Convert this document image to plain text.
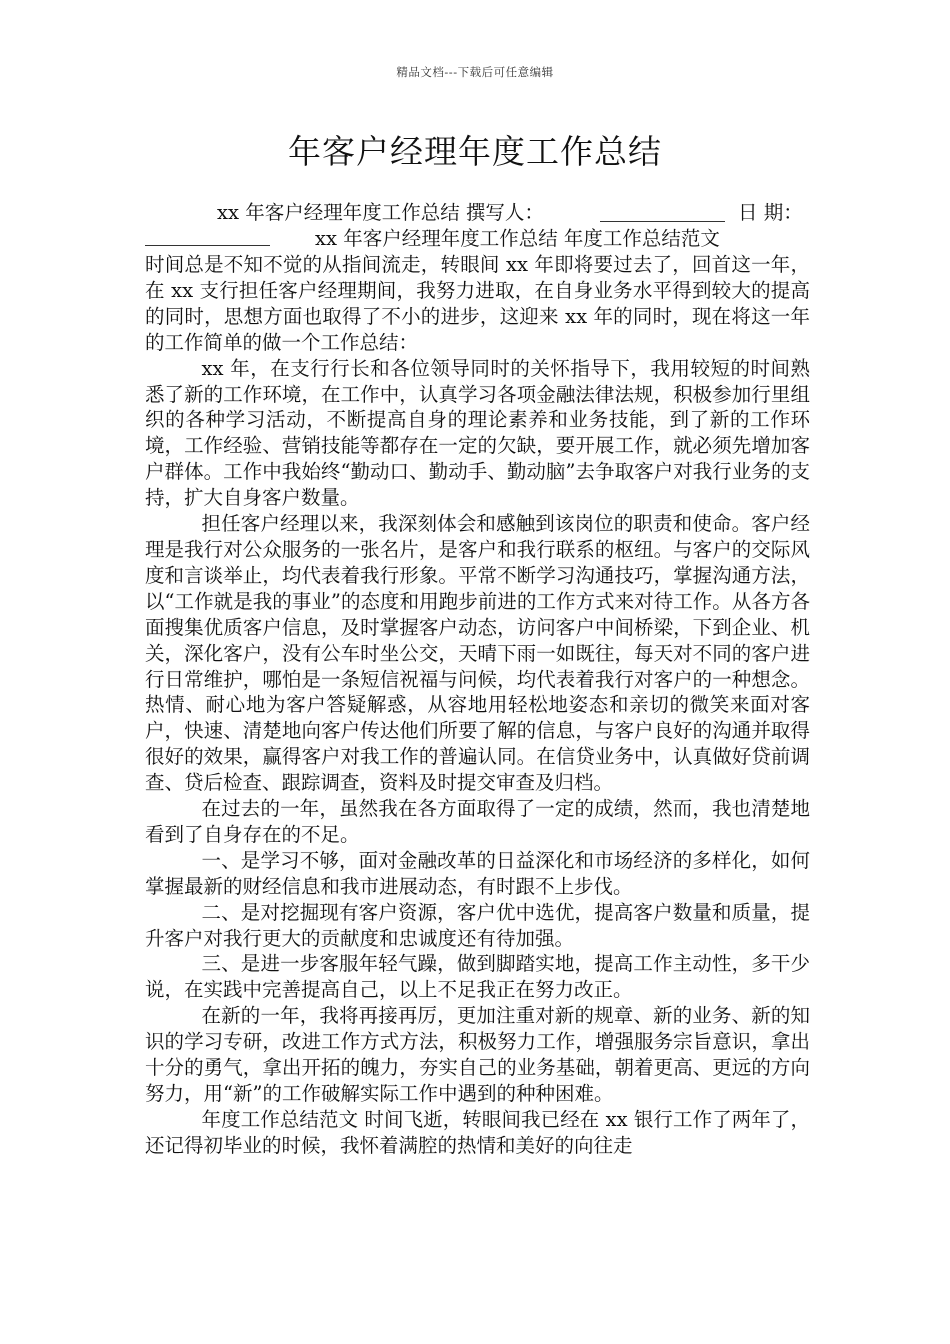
精品文档---下载后可任意编辑
年客户经理年度工作总结
xx 年客户经理年度工作总结 撰写人：	日 期：
xx 年客户经理年度工作总结 年度工作总结范文

时间总是不知不觉的从指间流走，转眼间 xx 年即将要过去了，回首这一年，在 xx 支行担任客户经理期间，我努力进取，在自身业务水平得到较大的提高的同时，思想方面也取得了不小的进步，这迎来 xx 年的同时，现在将这一年的工作简单的做一个工作总结：

xx 年，在支行行长和各位领导同时的关怀指导下，我用较短的时间熟悉了新的工作环境，在工作中，认真学习各项金融法律法规，积极参加行里组织的各种学习活动，不断提高自身的理论素养和业务技能，到了新的工作环境，工作经验、营销技能等都存在一定的欠缺，要开展工作，就必须先增加客户群体。工作中我始终“勤动口、勤动手、勤动脑”去争取客户对我行业务的支持，扩大自身客户数量。

担任客户经理以来，我深刻体会和感触到该岗位的职责和使命。客户经理是我行对公众服务的一张名片，是客户和我行联系的枢纽。与客户的交际风度和言谈举止，均代表着我行形象。平常不断学习沟通技巧，掌握沟通方法，以“工作就是我的事业”的态度和用跑步前进的工作方式来对待工作。从各方各面搜集优质客户信息，及时掌握客户动态，访问客户中间桥梁，下到企业、机关，深化客户，没有公车时坐公交，天晴下雨一如既往，每天对不同的客户进行日常维护，哪怕是一条短信祝福与问候，均代表着我行对客户的一种想念。热情、耐心地为客户答疑解惑，从容地用轻松地姿态和亲切的微笑来面对客户，快速、清楚地向客户传达他们所要了解的信息，与客户良好的沟通并取得很好的效果，赢得客户对我工作的普遍认同。在信贷业务中，认真做好贷前调查、贷后检查、跟踪调查，资料及时提交审查及归档。

在过去的一年，虽然我在各方面取得了一定的成绩，然而，我也清楚地看到了自身存在的不足。

一、是学习不够，面对金融改革的日益深化和市场经济的多样化，如何掌握最新的财经信息和我市进展动态，有时跟不上步伐。

二、是对挖掘现有客户资源，客户优中选优，提高客户数量和质量，提升客户对我行更大的贡献度和忠诚度还有待加强。

三、是进一步客服年轻气躁，做到脚踏实地，提高工作主动性，多干少说，在实践中完善提高自己，以上不足我正在努力改正。

在新的一年，我将再接再厉，更加注重对新的规章、新的业务、新的知识的学习专研，改进工作方式方法，积极努力工作，增强服务宗旨意识，拿出十分的勇气，拿出开拓的魄力，夯实自己的业务基础，朝着更高、更远的方向努力，用“新”的工作破解实际工作中遇到的种种困难。

年度工作总结范文 时间飞逝，转眼间我已经在 xx 银行工作了两年了，还记得初毕业的时候，我怀着满腔的热情和美好的向往走
